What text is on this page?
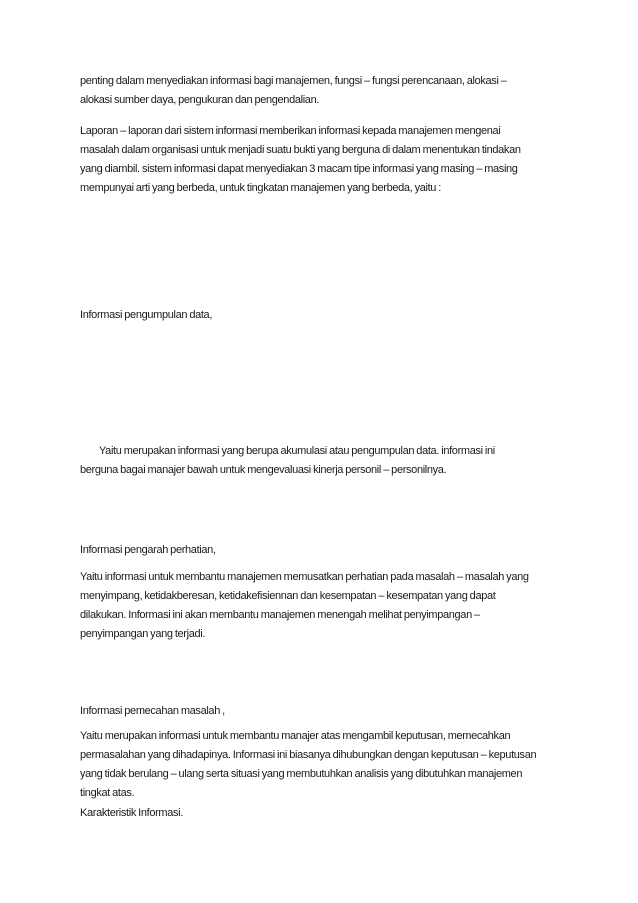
penting dalam menyediakan informasi bagi manajemen, fungsi – fungsi perencanaan, alokasi –
alokasi sumber daya, pengukuran dan pengendalian.
Laporan – laporan dari sistem informasi memberikan informasi kepada manajemen mengenai
masalah dalam organisasi untuk menjadi suatu bukti yang berguna di dalam menentukan tindakan
yang diambil. sistem informasi dapat menyediakan 3 macam tipe informasi yang masing – masing
mempunyai arti yang berbeda, untuk tingkatan manajemen yang berbeda, yaitu :
Informasi pengumpulan data,
Yaitu merupakan informasi yang berupa akumulasi atau pengumpulan data. informasi ini
berguna bagai manajer bawah untuk mengevaluasi kinerja personil – personilnya.
Informasi pengarah perhatian,
Yaitu informasi untuk membantu manajemen memusatkan perhatian pada masalah – masalah yang
menyimpang, ketidakberesan, ketidakefisiennan dan kesempatan – kesempatan yang dapat
dilakukan. Informasi ini akan membantu manajemen menengah melihat penyimpangan –
penyimpangan yang terjadi.
Informasi pemecahan masalah ,
Yaitu merupakan informasi untuk membantu manajer atas mengambil keputusan, memecahkan
permasalahan yang dihadapinya. Informasi ini biasanya dihubungkan dengan keputusan – keputusan
yang tidak berulang – ulang serta situasi yang membutuhkan analisis yang dibutuhkan manajemen
tingkat atas.
Karakteristik Informasi.
